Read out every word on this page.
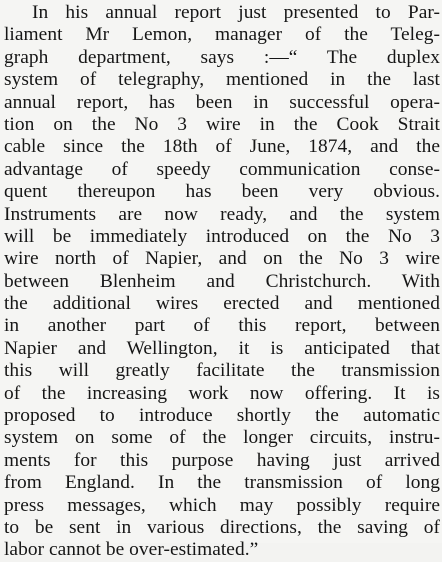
In his annual report just presented to Par-
liament Mr Lemon, manager of the Teleg-
graph department, says :—“ The duplex
system of telegraphy, mentioned in the last
annual report, has been in successful opera-
tion on the No 3 wire in the Cook Strait
cable since the 18th of June, 1874, and the
advantage of speedy communication conse-
quent thereupon has been very obvious.
Instruments are now ready, and the system
will be immediately introduced on the No 3
wire north of Napier, and on the No 3 wire
between Blenheim and Christchurch. With
the additional wires erected and mentioned
in another part of this report, between
Napier and Wellington, it is anticipated that
this will greatly facilitate the transmission
of the increasing work now offering. It is
proposed to introduce shortly the automatic
system on some of the longer circuits, instru-
ments for this purpose having just arrived
from England. In the transmission of long
press messages, which may possibly require
to be sent in various directions, the saving of
labor cannot be over-estimated.”
